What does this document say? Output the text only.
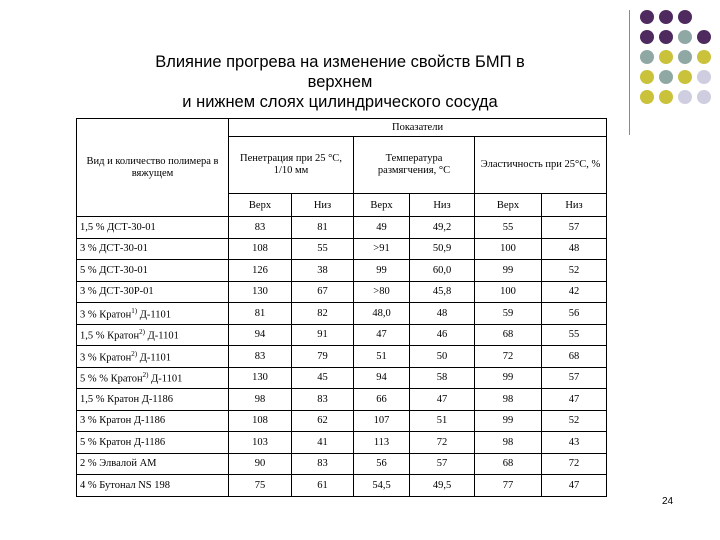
Влияние прогрева на изменение свойств БМП в
верхнем
и нижнем слоях цилиндрического сосуда
Вид и количество полимера в вяжущем	Показатели					
	Пенетрация при 25 °С, 1/10 мм		Температура размягчения, °С		Эластичность при 25°С, %	
	Верх	Низ	Верх	Низ	Верх	Низ
1,5 % ДСТ-30-01	83	81	49	49,2	55	57
3 % ДСТ-30-01	108	55	>91	50,9	100	48
5 % ДСТ-30-01	126	38	99	60,0	99	52
3 % ДСТ-30Р-01	130	67	>80	45,8	100	42
3 % Кратон$^{1)}$ Д-1101	81	82	48,0	48	59	56
1,5 % Кратон$^{2)}$ Д-1101	94	91	47	46	68	55
3 % Кратон$^{2)}$ Д-1101	83	79	51	50	72	68
5 % % Кратон$^{2)}$ Д-1101	130	45	94	58	99	57
1,5 % Кратон Д-1186	98	83	66	47	98	47
3 % Кратон Д-1186	108	62	107	51	99	52
5 % Кратон Д-1186	103	41	113	72	98	43
2 % Элвалой АМ	90	83	56	57	68	72
4 % Бутонал NS 198	75	61	54,5	49,5	77	47
24
